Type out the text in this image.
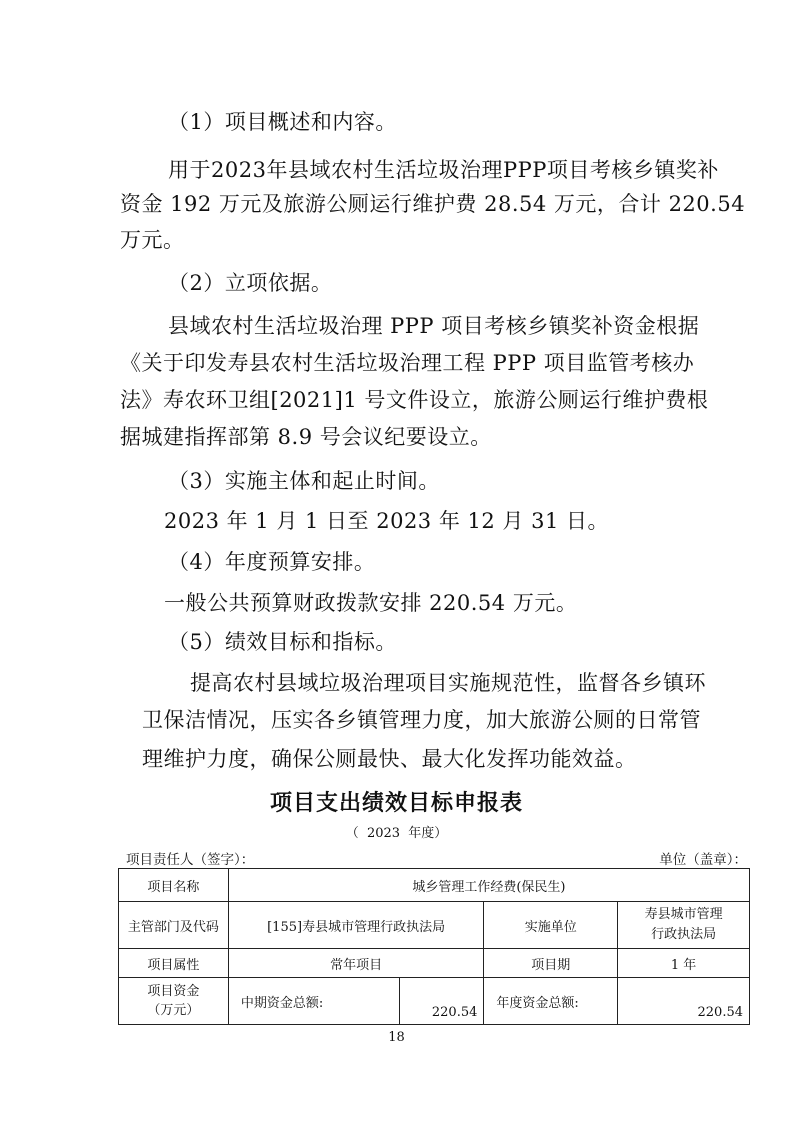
（1）项目概述和内容。
用于2023年县域农村生活垃圾治理PPP项目考核乡镇奖补
资金 192 万元及旅游公厕运行维护费 28.54 万元，合计 220.54
万元。
（2）立项依据。
县域农村生活垃圾治理 PPP 项目考核乡镇奖补资金根据
《关于印发寿县农村生活垃圾治理工程 PPP 项目监管考核办
法》寿农环卫组[2021]1 号文件设立，旅游公厕运行维护费根
据城建指挥部第 8.9 号会议纪要设立。
（3）实施主体和起止时间。
2023 年 1 月 1 日至 2023 年 12 月 31 日。
（4）年度预算安排。
一般公共预算财政拨款安排 220.54 万元。
（5）绩效目标和指标。
提高农村县域垃圾治理项目实施规范性，监督各乡镇环
卫保洁情况，压实各乡镇管理力度，加大旅游公厕的日常管
理维护力度，确保公厕最快、最大化发挥功能效益。
项目支出绩效目标申报表
（  2023  年度）
项目责任人（签字）：	单位（盖章）：
项目名称	城乡管理工作经费(保民生)			
主管部门及代码	[155]寿县城市管理行政执法局		实施单位	寿县城市管理
行政执法局

项目属性	常年项目		项目期	1 年

项目资金
（万元）	中期资金总额:	220.54	年度资金总额:	220.54
18
